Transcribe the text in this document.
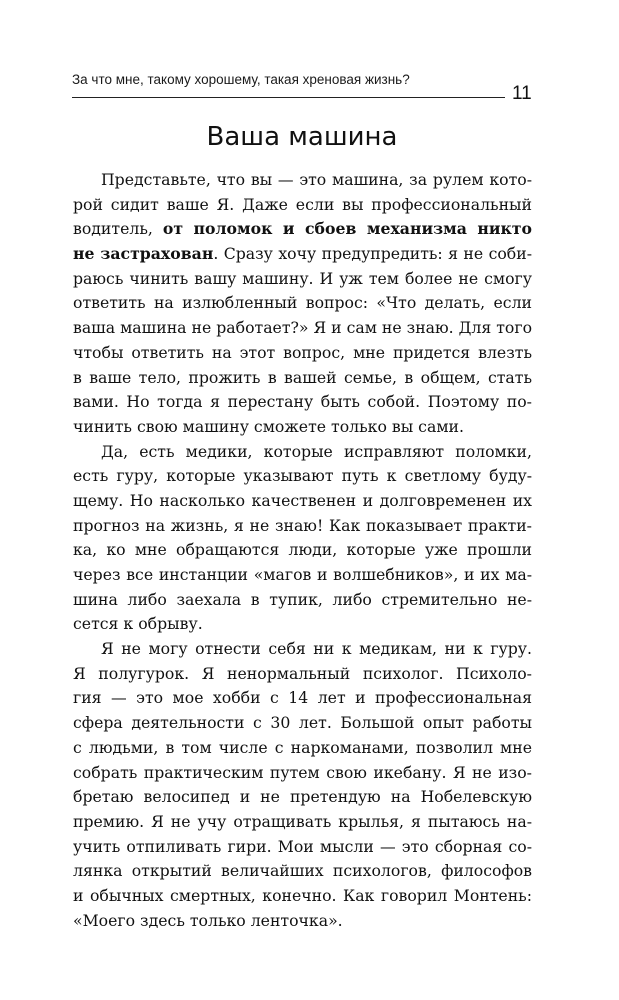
За что мне, такому хорошему, такая хреновая жизнь?
11
Ваша машина

Представьте, что вы — это машина, за рулем кото-
рой сидит ваше Я. Даже если вы профессиональный
водитель, от поломок и сбоев механизма никто
не застрахован. Сразу хочу предупредить: я не соби-
раюсь чинить вашу машину. И уж тем более не смогу
ответить на излюбленный вопрос: «Что делать, если
ваша машина не работает?» Я и сам не знаю. Для того
чтобы ответить на этот вопрос, мне придется влезть
в ваше тело, прожить в вашей семье, в общем, стать
вами. Но тогда я перестану быть собой. Поэтому по-
чинить свою машину сможете только вы сами.

Да, есть медики, которые исправляют поломки,
есть гуру, которые указывают путь к светлому буду-
щему. Но насколько качественен и долговременен их
прогноз на жизнь, я не знаю! Как показывает практи-
ка, ко мне обращаются люди, которые уже прошли
через все инстанции «магов и волшебников», и их ма-
шина либо заехала в тупик, либо стремительно не-
сется к обрыву.

Я не могу отнести себя ни к медикам, ни к гуру.
Я полугурок. Я ненормальный психолог. Психоло-
гия — это мое хобби с 14 лет и профессиональная
сфера деятельности с 30 лет. Большой опыт работы
с людьми, в том числе с наркоманами, позволил мне
собрать практическим путем свою икебану. Я не изо-
бретаю велосипед и не претендую на Нобелевскую
премию. Я не учу отращивать крылья, я пытаюсь на-
учить отпиливать гири. Мои мысли — это сборная со-
лянка открытий величайших психологов, философов
и обычных смертных, конечно. Как говорил Монтень:
«Моего здесь только ленточка».
